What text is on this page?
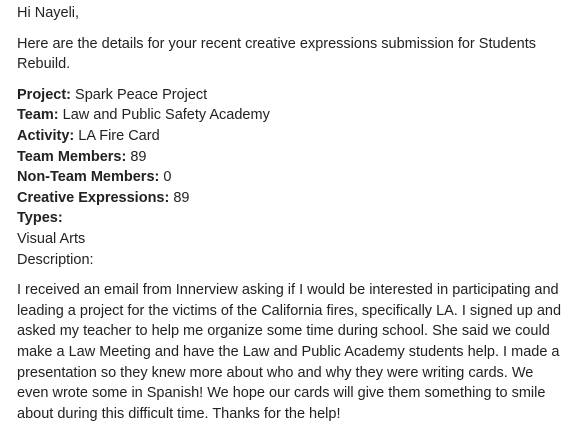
Hi Nayeli,

Here are the details for your recent creative expressions submission for Students Rebuild.

Project: Spark Peace Project
Team: Law and Public Safety Academy
Activity: LA Fire Card
Team Members: 89
Non-Team Members: 0
Creative Expressions: 89
Types:
Visual Arts
Description:

I received an email from Innerview asking if I would be interested in participating and leading a project for the victims of the California fires, specifically LA. I signed up and asked my teacher to help me organize some time during school. She said we could make a Law Meeting and have the Law and Public Academy students help. I made a presentation so they knew more about who and why they were writing cards. We even wrote some in Spanish! We hope our cards will give them something to smile about during this difficult time. Thanks for the help!
